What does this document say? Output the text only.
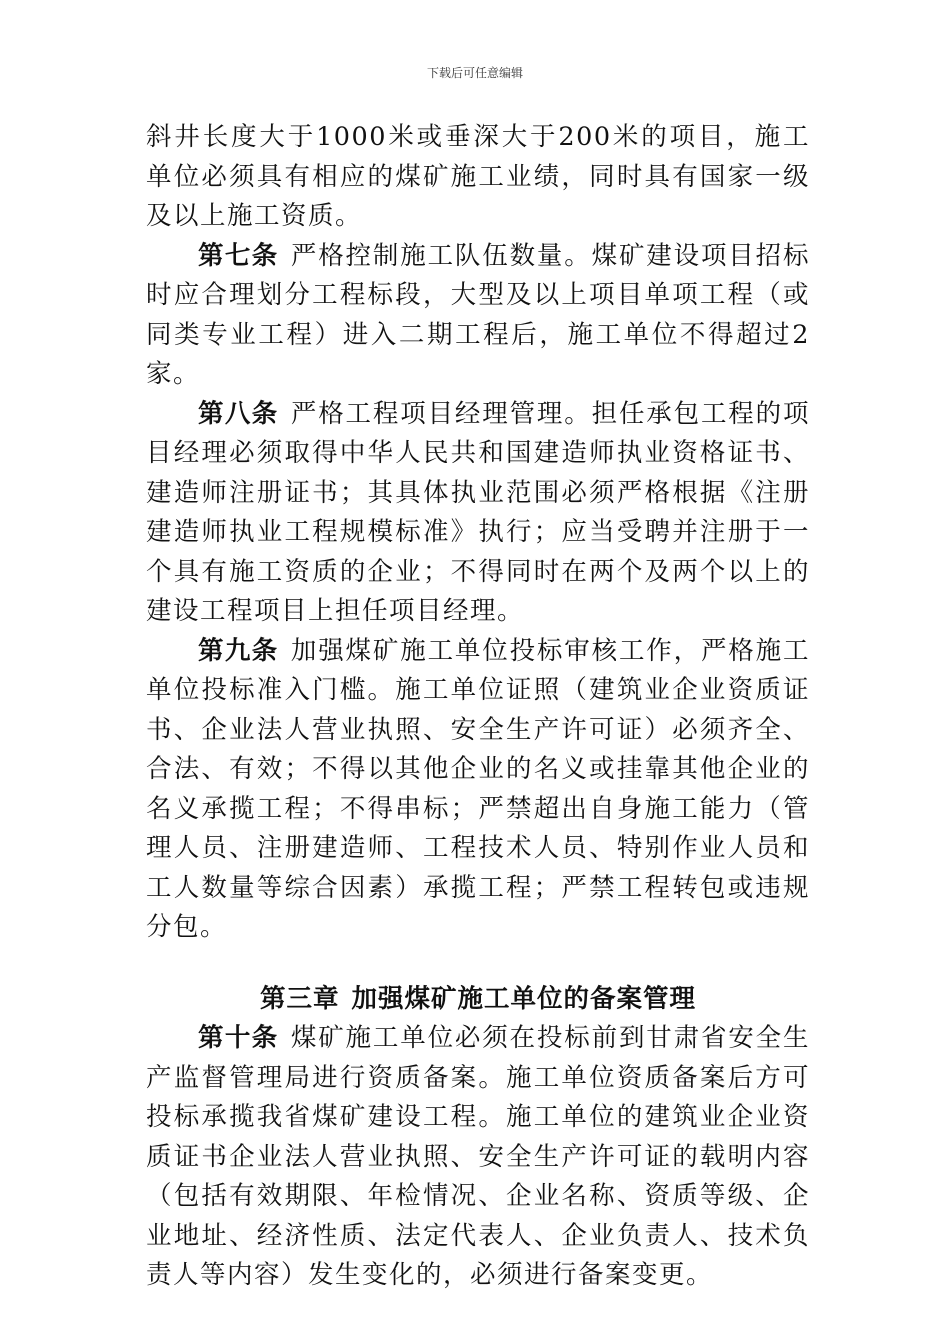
下载后可任意编辑

斜井长度大于1000米或垂深大于200米的项目，施工单位必须具有相应的煤矿施工业绩，同时具有国家一级及以上施工资质。

第七条 严格控制施工队伍数量。煤矿建设项目招标时应合理划分工程标段，大型及以上项目单项工程（或同类专业工程）进入二期工程后，施工单位不得超过2家。

第八条 严格工程项目经理管理。担任承包工程的项目经理必须取得中华人民共和国建造师执业资格证书、建造师注册证书；其具体执业范围必须严格根据《注册建造师执业工程规模标准》执行；应当受聘并注册于一个具有施工资质的企业；不得同时在两个及两个以上的建设工程项目上担任项目经理。

第九条 加强煤矿施工单位投标审核工作，严格施工单位投标准入门槛。施工单位证照（建筑业企业资质证书、企业法人营业执照、安全生产许可证）必须齐全、合法、有效；不得以其他企业的名义或挂靠其他企业的名义承揽工程；不得串标；严禁超出自身施工能力（管理人员、注册建造师、工程技术人员、特别作业人员和工人数量等综合因素）承揽工程；严禁工程转包或违规分包。

第三章 加强煤矿施工单位的备案管理

第十条 煤矿施工单位必须在投标前到甘肃省安全生产监督管理局进行资质备案。施工单位资质备案后方可投标承揽我省煤矿建设工程。施工单位的建筑业企业资质证书企业法人营业执照、安全生产许可证的载明内容（包括有效期限、年检情况、企业名称、资质等级、企业地址、经济性质、法定代表人、企业负责人、技术负责人等内容）发生变化的，必须进行备案变更。
